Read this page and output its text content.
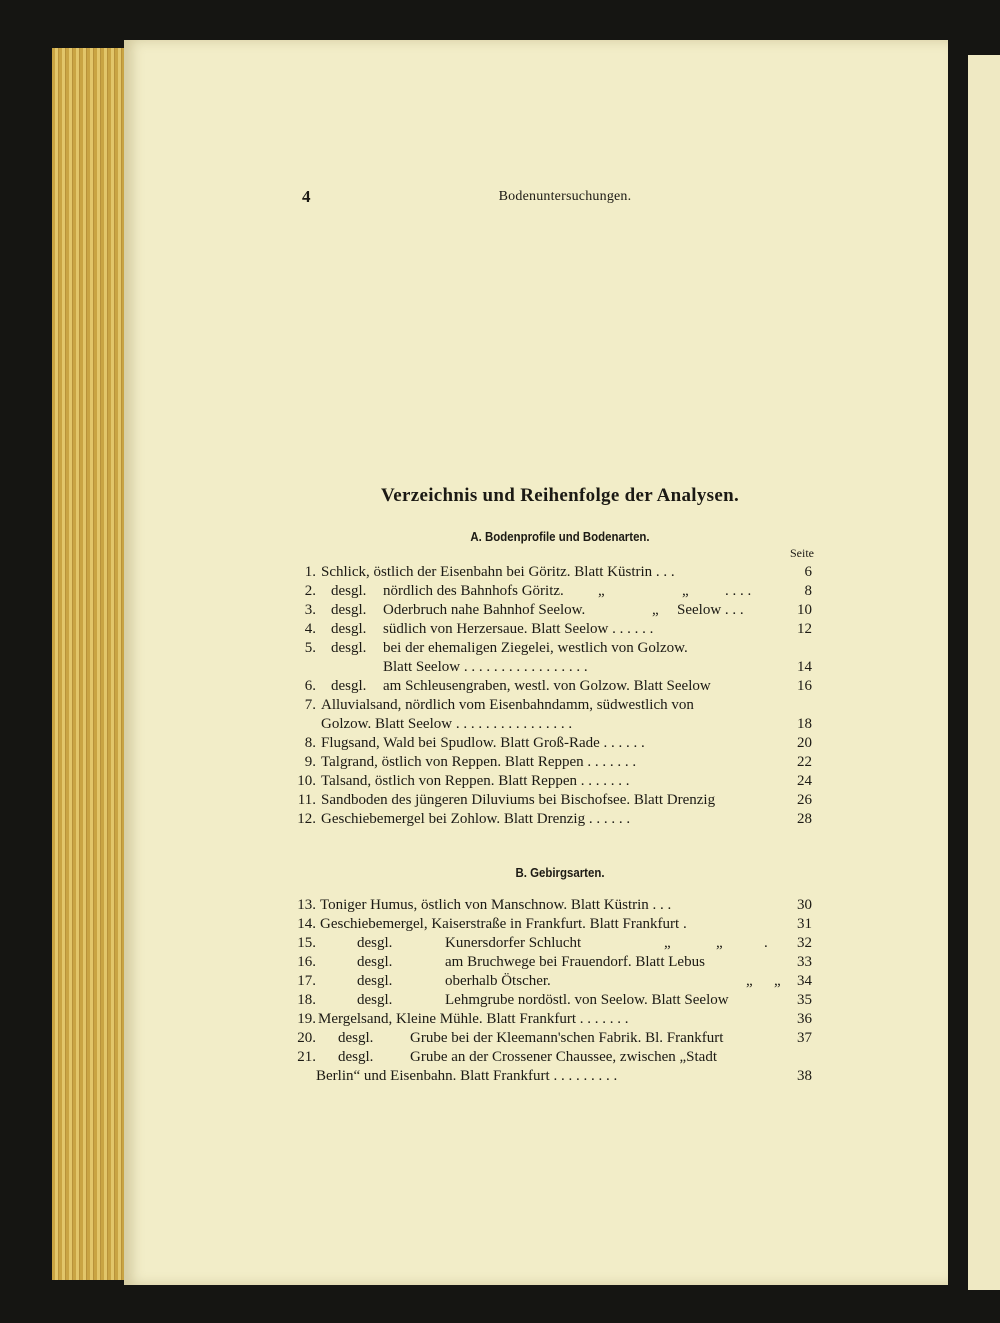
4	Bodenuntersuchungen.
Verzeichnis und Reihenfolge der Analysen.
A. Bodenprofile und Bodenarten.
Seite
B. Gebirgsarten.
1. Schlick, östlich der Eisenbahn bei Göritz. Blatt Küstrin . . .	6
2. desgl. nördlich des Bahnhofs Göritz. „	„ . . . .	8
3. desgl. Oderbruch nahe Bahnhof Seelow.	„ Seelow . . .	10
4. desgl. südlich von Herzersaue. Blatt Seelow . . . . . .	12
5. desgl. bei der ehemaligen Ziegelei, westlich von Golzow.
Blatt Seelow . . . . . . . . . . . . . . . . .	14
6. desgl. am Schleusengraben, westl. von Golzow. Blatt Seelow	16
7. Alluvialsand, nördlich vom Eisenbahndamm, südwestlich von
Golzow. Blatt Seelow . . . . . . . . . . . . . . . .	18
8. Flugsand, Wald bei Spudlow. Blatt Groß-Rade . . . . . .	20
9. Talgrand, östlich von Reppen. Blatt Reppen . . . . . . .	22
10. Talsand, östlich von Reppen. Blatt Reppen . . . . . . .	24
11. Sandboden des jüngeren Diluviums bei Bischofsee. Blatt Drenzig	26
12. Geschiebemergel bei Zohlow. Blatt Drenzig . . . . . .	28
13. Toniger Humus, östlich von Manschnow. Blatt Küstrin . . .	30
14. Geschiebemergel, Kaiserstraße in Frankfurt. Blatt Frankfurt .	31
15.	desgl.	Kunersdorfer Schlucht	„	„	.	32
16.	desgl.	am Bruchwege bei Frauendorf. Blatt Lebus	33
17.	desgl.	oberhalb Ötscher.	„ „	34
18.	desgl.	Lehmgrube nordöstl. von Seelow. Blatt Seelow	35
19. Mergelsand, Kleine Mühle. Blatt Frankfurt . . . . . . .	36
20. desgl. Grube bei der Kleemann'schen Fabrik. Bl. Frankfurt	37
21. desgl. Grube an der Crossener Chaussee, zwischen „Stadt
Berlin“ und Eisenbahn. Blatt Frankfurt . . . . . . . . .	38
